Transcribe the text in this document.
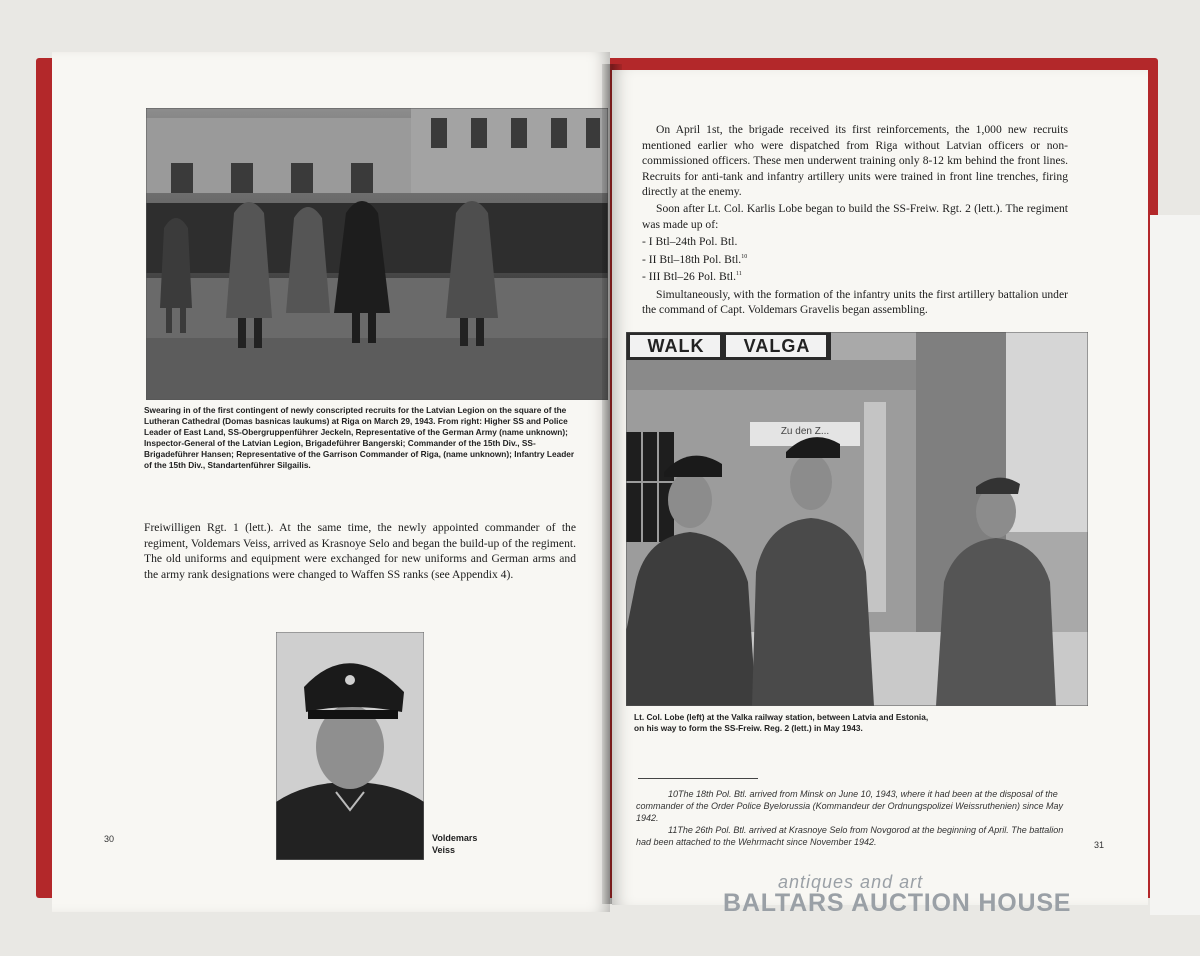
Swearing in of the first contingent of newly conscripted recruits for the Latvian Legion on the square of the Lutheran Cathedral (Domas basnicas laukums) at Riga on March 29, 1943. From right: Higher SS and Police Leader of East Land, SS-Obergruppenführer Jeckeln, Representative of the German Army (name unknown); Inspector-General of the Latvian Legion, Brigadeführer Bangerski; Commander of the 15th Div., SS-Brigadeführer Hansen; Representative of the Garrison Commander of Riga, (name unknown); Infantry Leader of the 15th Div., Standartenführer Silgailis.

Freiwilligen Rgt. 1 (lett.). At the same time, the newly appointed commander of the regiment, Voldemars Veiss, arrived as Krasnoye Selo and began the build-up of the regiment. The old uniforms and equipment were exchanged for new uniforms and German arms and the army rank designations were changed to Waffen SS ranks (see Appendix 4).

Voldemars
Veiss
30

On April 1st, the brigade received its first reinforcements, the 1,000 new recruits mentioned earlier who were dispatched from Riga without Latvian officers or non-commissioned officers. These men underwent training only 8-12 km behind the front lines. Recruits for anti-tank and infantry artillery units were trained in front line trenches, firing directly at the enemy.

Soon after Lt. Col. Karlis Lobe began to build the SS-Freiw. Rgt. 2 (lett.). The regiment was made up of:

- I Btl–24th Pol. Btl.
- II Btl–18th Pol. Btl.$^{10}$
- III Btl–26 Pol. Btl.$^{11}$

Simultaneously, with the formation of the infantry units the first artillery battalion under the command of Capt. Voldemars Gravelis began assembling.

WALK	VALGA
Zu den Z...
Lt. Col. Lobe (left) at the Valka railway station, between Latvia and Estonia, on his way to form the SS-Freiw. Reg. 2 (lett.) in May 1943.

10The 18th Pol. Btl. arrived from Minsk on June 10, 1943, where it had been at the disposal of the commander of the Order Police Byelorussia (Kommandeur der Ordnungspolizei Weissruthenien) since May 1942.

11The 26th Pol. Btl. arrived at Krasnoye Selo from Novgorod at the beginning of April. The battalion had been attached to the Wehrmacht since November 1942.	31
antiques and art
BALTARS AUCTION HOUSE
